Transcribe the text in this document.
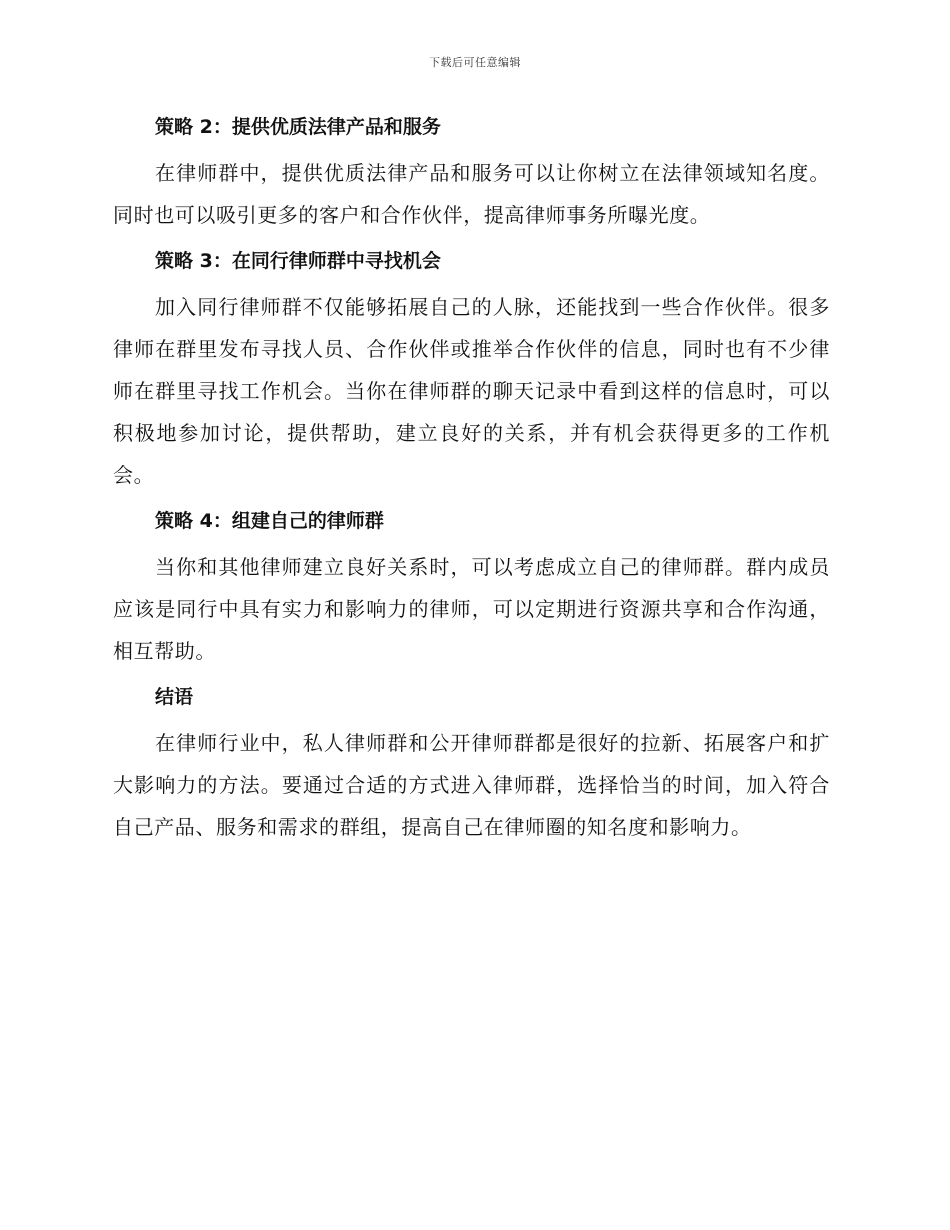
下载后可任意编辑
策略 2：提供优质法律产品和服务

在律师群中，提供优质法律产品和服务可以让你树立在法律领域知名度。同时也可以吸引更多的客户和合作伙伴，提高律师事务所曝光度。

策略 3：在同行律师群中寻找机会

加入同行律师群不仅能够拓展自己的人脉，还能找到一些合作伙伴。很多律师在群里发布寻找人员、合作伙伴或推举合作伙伴的信息，同时也有不少律师在群里寻找工作机会。当你在律师群的聊天记录中看到这样的信息时，可以积极地参加讨论，提供帮助，建立良好的关系，并有机会获得更多的工作机会。

策略 4：组建自己的律师群

当你和其他律师建立良好关系时，可以考虑成立自己的律师群。群内成员应该是同行中具有实力和影响力的律师，可以定期进行资源共享和合作沟通，相互帮助。

结语

在律师行业中，私人律师群和公开律师群都是很好的拉新、拓展客户和扩大影响力的方法。要通过合适的方式进入律师群，选择恰当的时间，加入符合自己产品、服务和需求的群组，提高自己在律师圈的知名度和影响力。
